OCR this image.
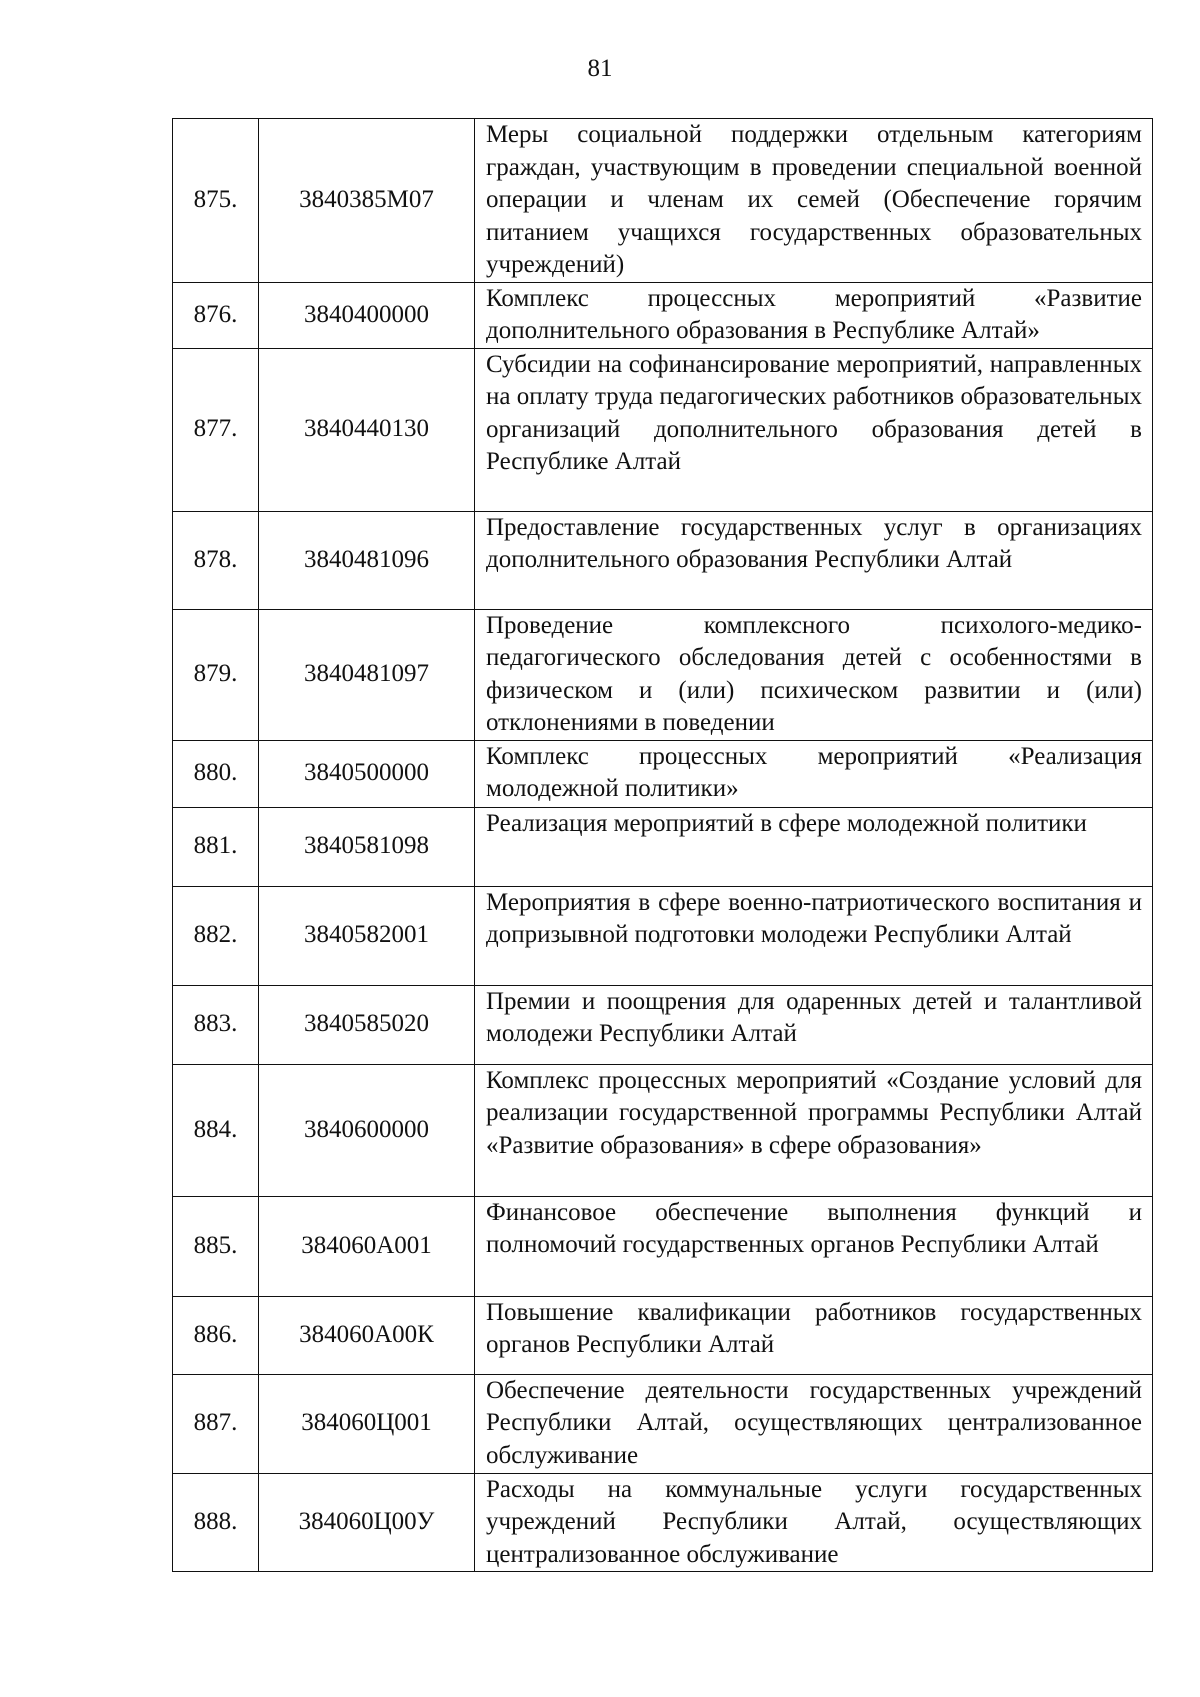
81
875.	3840385М07	Меры социальной поддержки отдельным категориям граждан, участвующим в проведении специальной военной операции и членам их семей (Обеспечение горячим питанием учащихся государственных образовательных учреждений)

876.	3840400000	Комплекс процессных мероприятий «Развитие дополнительного образования в Республике Алтай»

877.	3840440130	Субсидии на софинансирование мероприятий, направленных на оплату труда педагогических работников образовательных организаций дополнительного образования детей в Республике Алтай

878.	3840481096	Предоставление государственных услуг в организациях дополнительного образования Республики Алтай

879.	3840481097	Проведение комплексного психолого-медико-педагогического обследования детей с особенностями в физическом и (или) психическом развитии и (или) отклонениями в поведении

880.	3840500000	Комплекс процессных мероприятий «Реализация молодежной политики»

881.	3840581098	Реализация мероприятий в сфере молодежной политики

882.	3840582001	Мероприятия в сфере военно-патриотического воспитания и допризывной подготовки молодежи Республики Алтай

883.	3840585020	Премии и поощрения для одаренных детей и талантливой молодежи Республики Алтай

884.	3840600000	Комплекс процессных мероприятий «Создание условий для реализации государственной программы Республики Алтай «Развитие образования» в сфере образования»

885.	384060А001	Финансовое обеспечение выполнения функций и полномочий государственных органов Республики Алтай

886.	384060А00К	Повышение квалификации работников государственных органов Республики Алтай

887.	384060Ц001	Обеспечение деятельности государственных учреждений Республики Алтай, осуществляющих централизованное обслуживание

888.	384060Ц00У	Расходы на коммунальные услуги государственных учреждений Республики Алтай, осуществляющих централизованное обслуживание
